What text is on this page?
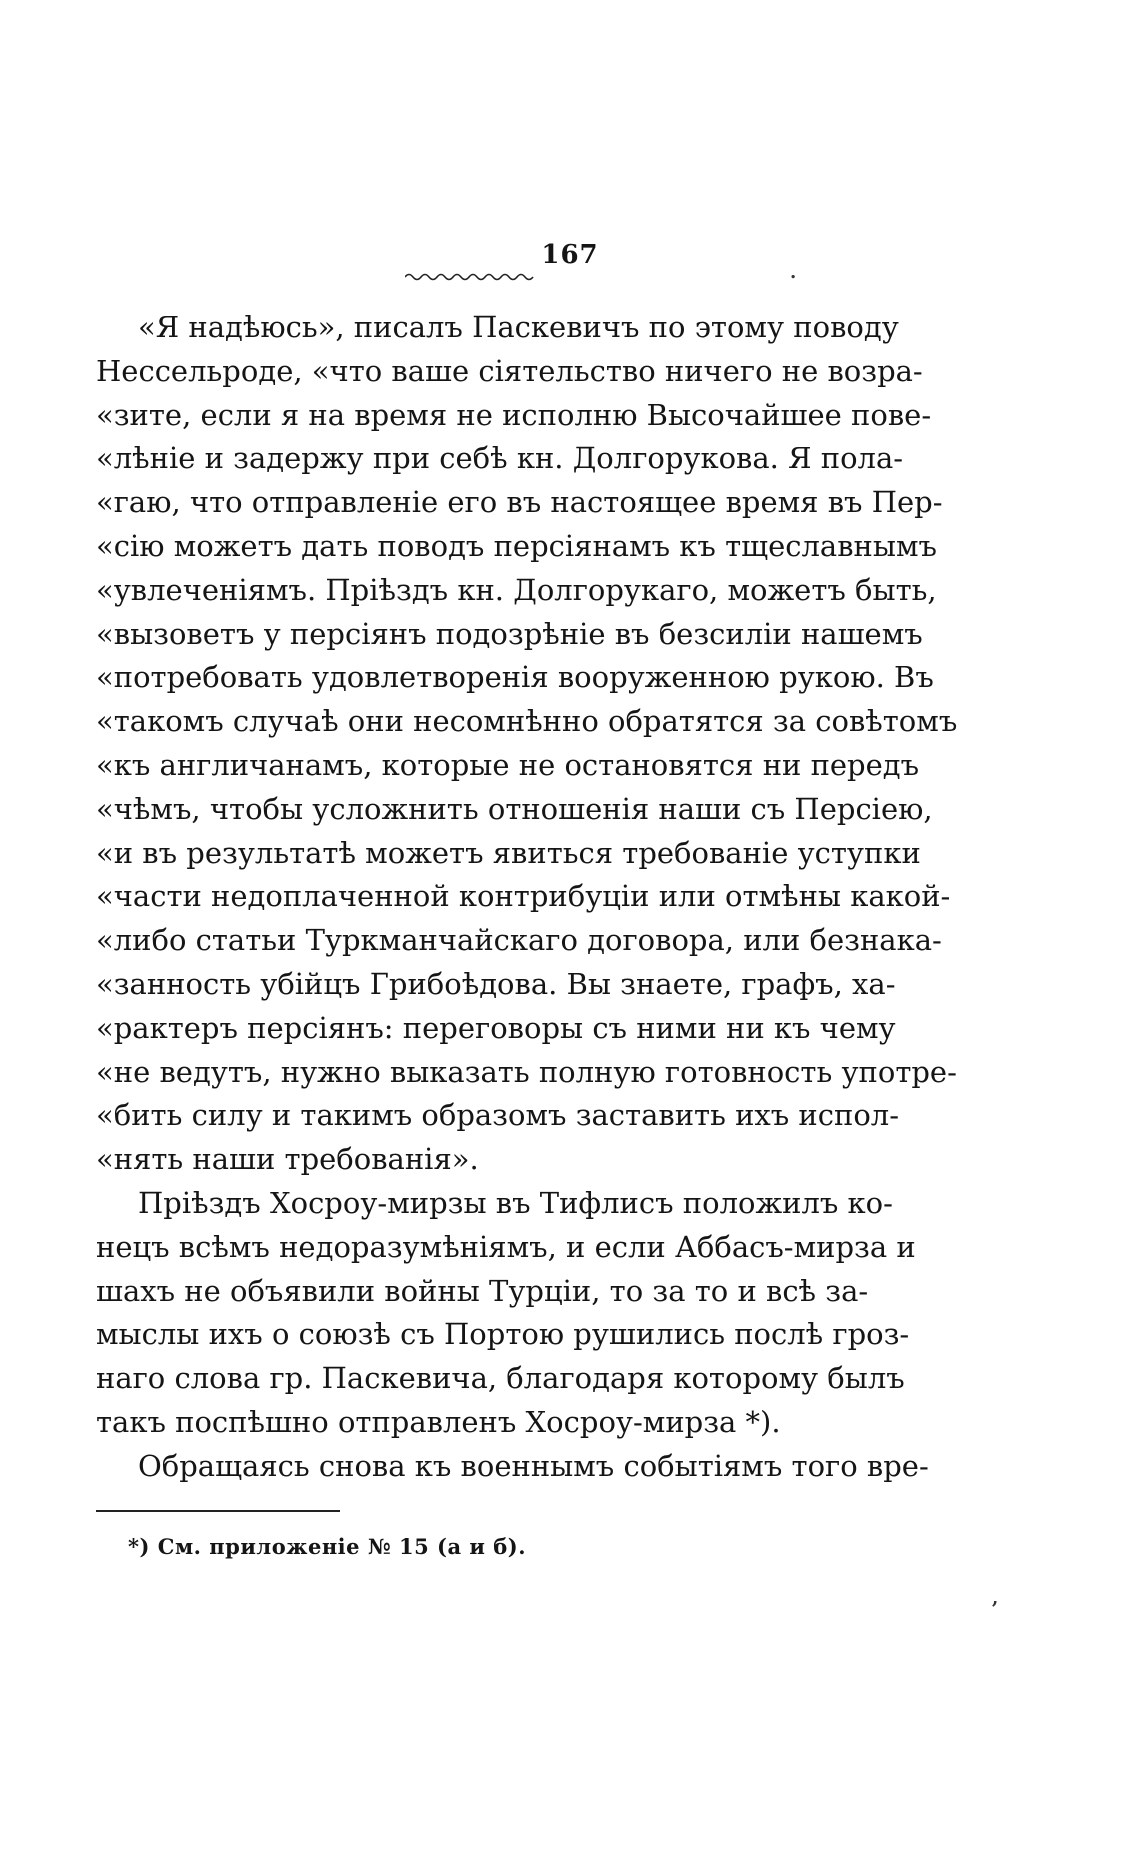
167
.
«Я надѣюсь», писалъ Паскевичъ по этому поводу
Нессельроде, «что ваше сіятельство ничего не возра-
«зите, если я на время не исполню Высочайшее пове-
«лѣніе и задержу при себѣ кн. Долгорукова. Я пола-
«гаю, что отправленіе его въ настоящее время въ Пер-
«сію можетъ дать поводъ персіянамъ къ тщеславнымъ
«увлеченіямъ. Пріѣздъ кн. Долгорукаго, можетъ быть,
«вызоветъ у персіянъ подозрѣніе въ безсиліи нашемъ
«потребовать удовлетворенія вооруженною рукою. Въ
«такомъ случаѣ они несомнѣнно обратятся за совѣтомъ
«къ англичанамъ, которые не остановятся ни передъ
«чѣмъ, чтобы усложнить отношенія наши съ Персіею,
«и въ результатѣ можетъ явиться требованіе уступки
«части недоплаченной контрибуціи или отмѣны какой-
«либо статьи Туркманчайскаго договора, или безнака-
«занность убійцъ Грибоѣдова. Вы знаете, графъ, ха-
«рактеръ персіянъ: переговоры съ ними ни къ чему
«не ведутъ, нужно выказать полную готовность употре-
«бить силу и такимъ образомъ заставить ихъ испол-
«нять наши требованія».
Пріѣздъ Хосроу-мирзы въ Тифлисъ положилъ ко-
нецъ всѣмъ недоразумѣніямъ, и если Аббасъ-мирза и
шахъ не объявили войны Турціи, то за то и всѣ за-
мыслы ихъ о союзѣ съ Портою рушились послѣ гроз-
наго слова гр. Паскевича, благодаря которому былъ
такъ поспѣшно отправленъ Хосроу-мирза *).
Обращаясь снова къ военнымъ событіямъ того вре-
*) См. приложеніе № 15 (а и б).
,
